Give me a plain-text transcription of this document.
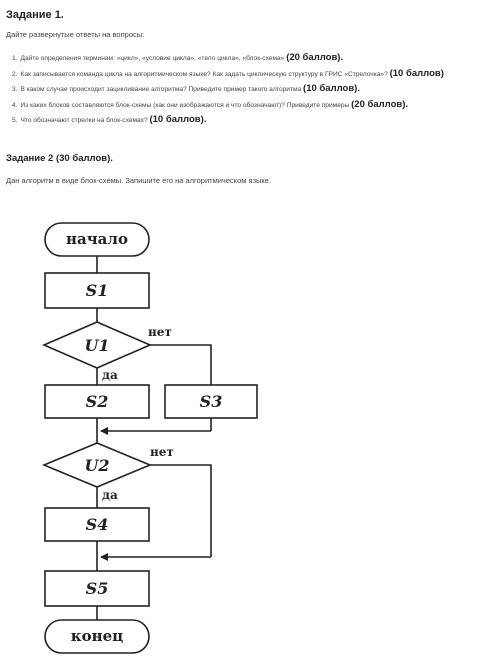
Задание 1.
Дайте развернутые ответы на вопросы:
1. Дайте определения терминам: «цикл», «условие цикла», «тело цикла», «блок-схема» (20 баллов).
2. Как записывается команда цикла на алгоритмическом языке? Как задать циклическую структуру в ГРИС «Стрелочка»? (10 баллов)
3. В каком случае происходит зацикливание алгоритма? Приведите пример такого алгоритма (10 баллов).
4. Из каких блоков составляются блок-схемы (как они изображаются и что обозначают)? Приведите примеры (20 баллов).
5. Что обозначают стрелки на блок-схемах? (10 баллов).
Задание 2 (30 баллов).
Дан алгоритм в виде блок-схемы. Запишите его на алгоритмическом языке.
начало
S1
U1
нет
да
S2	S3
U2
нет
да
S4
S5
конец
